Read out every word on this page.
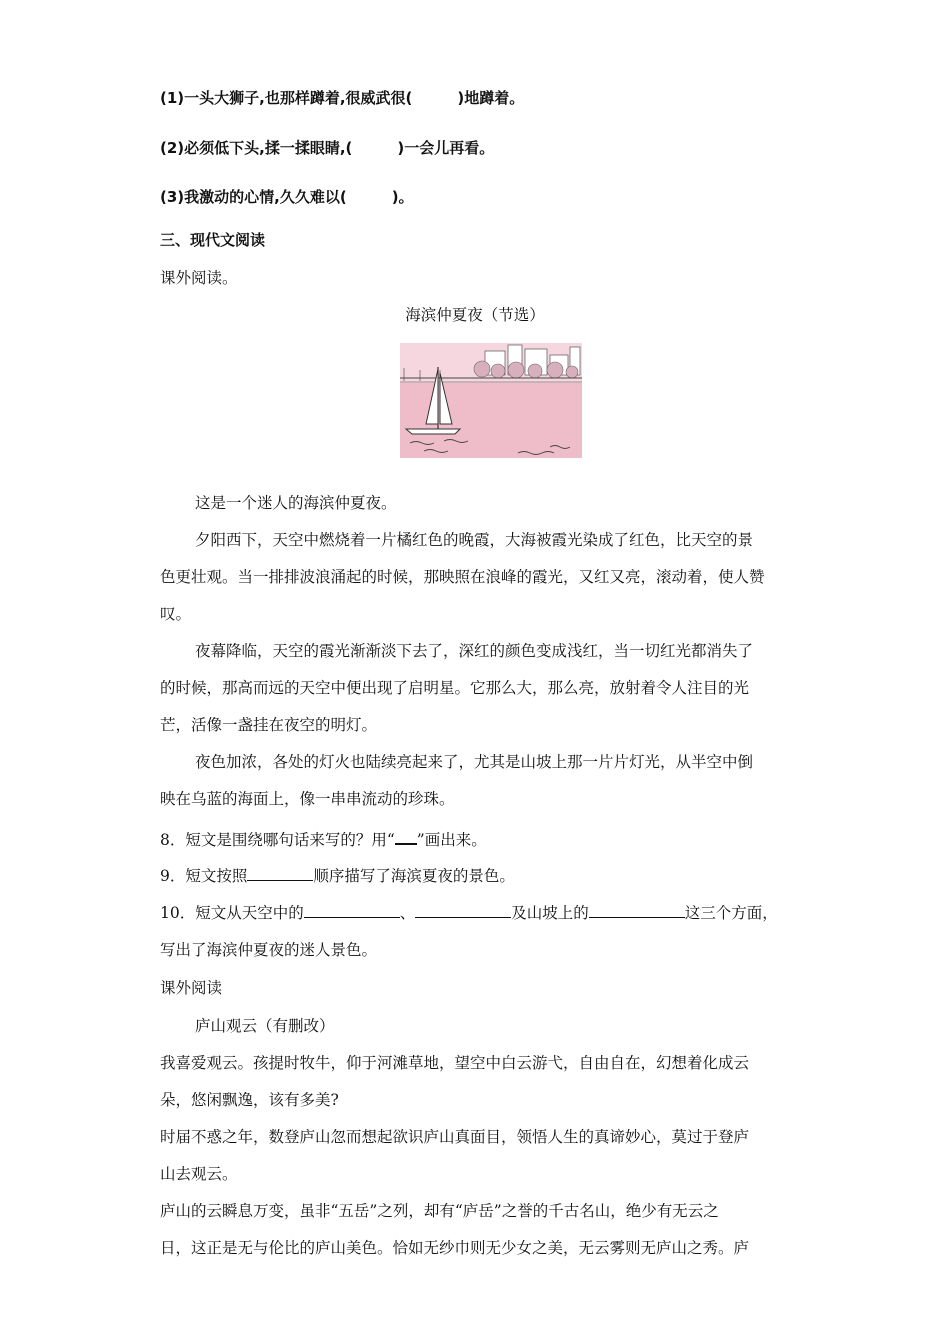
(1)一头大狮子,也那样蹲着,很威武很(　　　)地蹲着。
(2)必须低下头,揉一揉眼睛,(　　　)一会儿再看。
(3)我激动的心情,久久难以(　　　)。
三、现代文阅读
课外阅读。
海滨仲夏夜（节选）
这是一个迷人的海滨仲夏夜。
夕阳西下，天空中燃烧着一片橘红色的晚霞，大海被霞光染成了红色，比天空的景
色更壮观。当一排排波浪涌起的时候，那映照在浪峰的霞光，又红又亮，滚动着，使人赞
叹。
夜幕降临，天空的霞光渐渐淡下去了，深红的颜色变成浅红，当一切红光都消失了
的时候，那高而远的天空中便出现了启明星。它那么大，那么亮，放射着令人注目的光
芒，活像一盏挂在夜空的明灯。
夜色加浓，各处的灯火也陆续亮起来了，尤其是山坡上那一片片灯光，从半空中倒
映在乌蓝的海面上，像一串串流动的珍珠。
8．短文是围绕哪句话来写的？用“ ”画出来。
9．短文按照	顺序描写了海滨夏夜的景色。
10．短文从天空中的	、	及山坡上的	这三个方面，
写出了海滨仲夏夜的迷人景色。
课外阅读
庐山观云（有删改）
我喜爱观云。孩提时牧牛，仰于河滩草地，望空中白云游弋，自由自在，幻想着化成云
朵，悠闲飘逸，该有多美?
时届不惑之年，数登庐山忽而想起欲识庐山真面目，领悟人生的真谛妙心，莫过于登庐
山去观云。
庐山的云瞬息万变，虽非“五岳”之列，却有“庐岳”之誉的千古名山，绝少有无云之
日，这正是无与伦比的庐山美色。恰如无纱巾则无少女之美，无云雾则无庐山之秀。庐
